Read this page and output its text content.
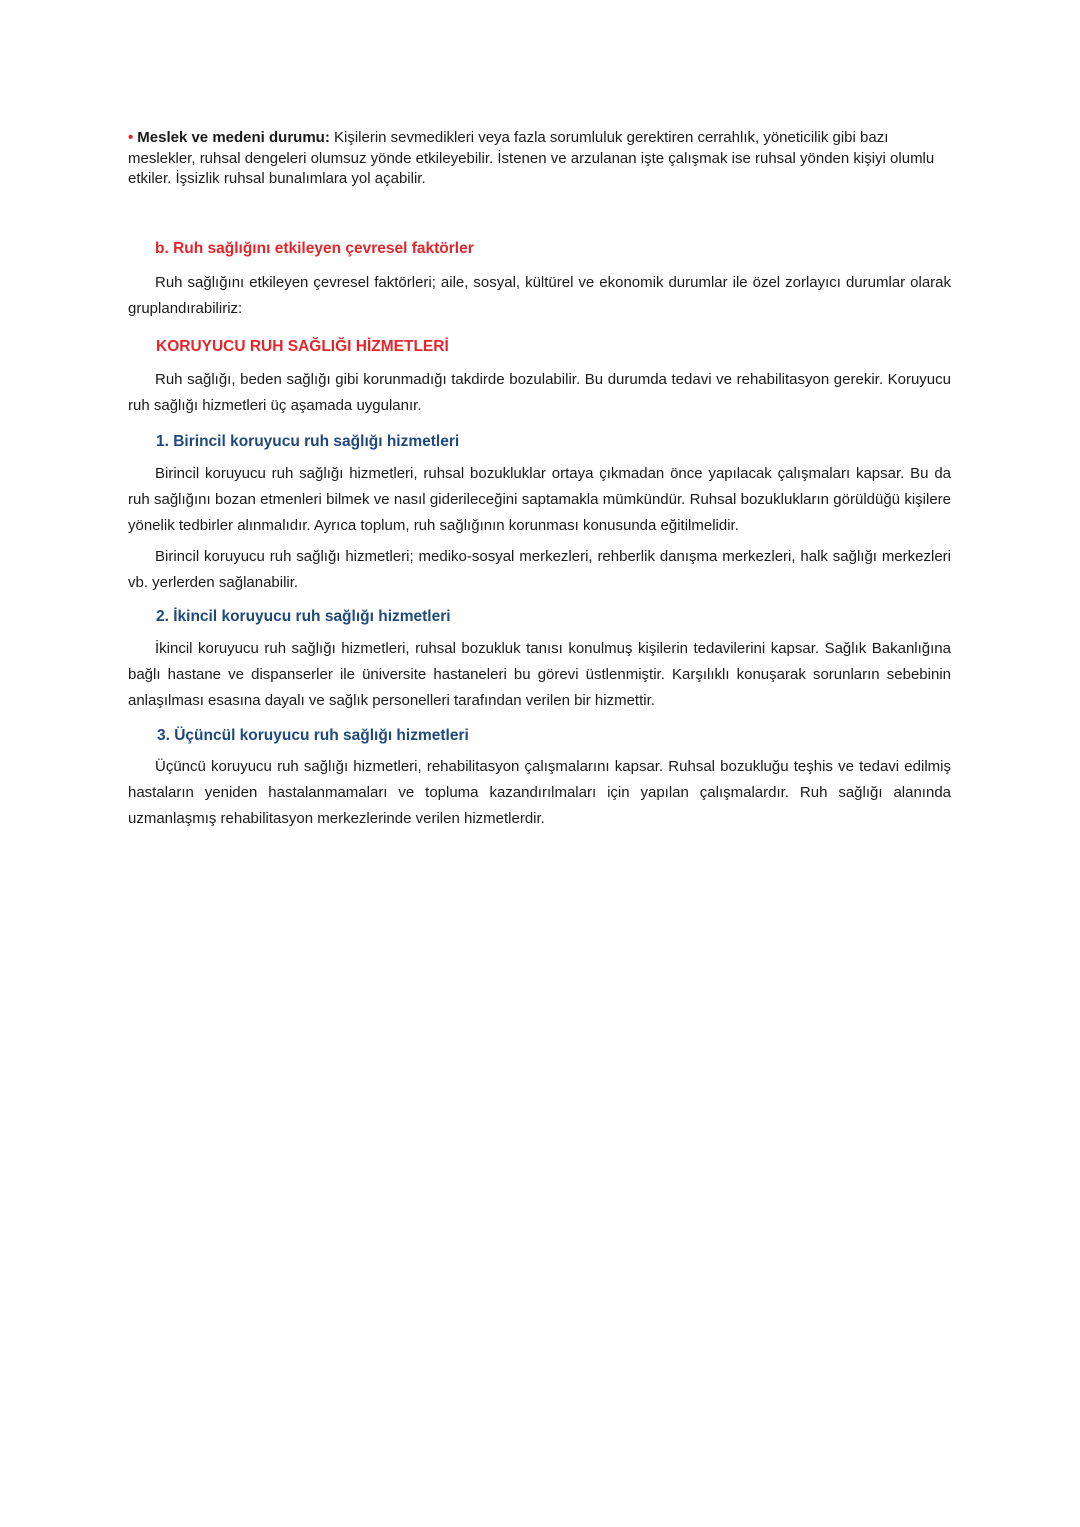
• Meslek ve medeni durumu: Kişilerin sevmedikleri veya fazla sorumluluk gerektiren cerrahlık, yöneticilik gibi bazı meslekler, ruhsal dengeleri olumsuz yönde etkileyebilir. İstenen ve arzulanan işte çalışmak ise ruhsal yönden kişiyi olumlu etkiler. İşsizlik ruhsal bunalımlara yol açabilir.
b. Ruh sağlığını etkileyen çevresel faktörler
Ruh sağlığını etkileyen çevresel faktörleri; aile, sosyal, kültürel ve ekonomik durumlar ile özel zorlayıcı durumlar olarak gruplandırabiliriz:
KORUYUCU RUH SAĞLIĞI HİZMETLERİ
Ruh sağlığı, beden sağlığı gibi korunmadığı takdirde bozulabilir. Bu durumda tedavi ve rehabilitasyon gerekir. Koruyucu ruh sağlığı hizmetleri üç aşamada uygulanır.
1. Birincil koruyucu ruh sağlığı hizmetleri
Birincil koruyucu ruh sağlığı hizmetleri, ruhsal bozukluklar ortaya çıkmadan önce yapılacak çalışmaları kapsar. Bu da ruh sağlığını bozan etmenleri bilmek ve nasıl giderileceğini saptamakla mümkündür. Ruhsal bozuklukların görüldüğü kişilere yönelik tedbirler alınmalıdır. Ayrıca toplum, ruh sağlığının korunması konusunda eğitilmelidir.
Birincil koruyucu ruh sağlığı hizmetleri; mediko-sosyal merkezleri, rehberlik danışma merkezleri, halk sağlığı merkezleri vb. yerlerden sağlanabilir.
2. İkincil koruyucu ruh sağlığı hizmetleri
İkincil koruyucu ruh sağlığı hizmetleri, ruhsal bozukluk tanısı konulmuş kişilerin tedavilerini kapsar. Sağlık Bakanlığına bağlı hastane ve dispanserler ile üniversite hastaneleri bu görevi üstlenmiştir. Karşılıklı konuşarak sorunların sebebinin anlaşılması esasına dayalı ve sağlık personelleri tarafından verilen bir hizmettir.
3. Üçüncül koruyucu ruh sağlığı hizmetleri
Üçüncü koruyucu ruh sağlığı hizmetleri, rehabilitasyon çalışmalarını kapsar. Ruhsal bozukluğu teşhis ve tedavi edilmiş hastaların yeniden hastalanmamaları ve topluma kazandırılmaları için yapılan çalışmalardır. Ruh sağlığı alanında uzmanlaşmış rehabilitasyon merkezlerinde verilen hizmetlerdir.
